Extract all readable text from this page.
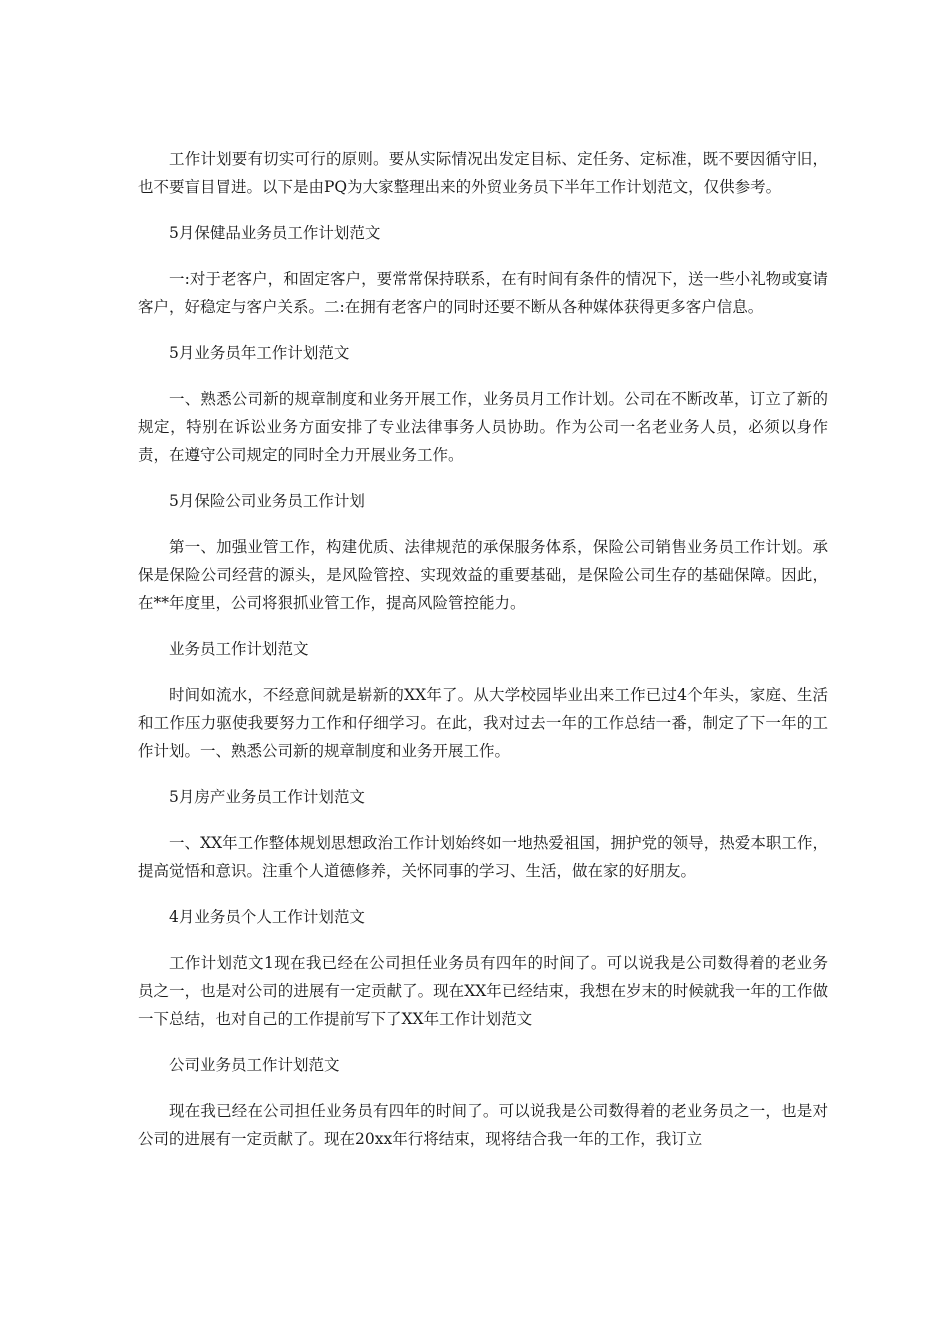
工作计划要有切实可行的原则。要从实际情况出发定目标、定任务、定标准，既不要因循守旧，也不要盲目冒进。以下是由PQ为大家整理出来的外贸业务员下半年工作计划范文，仅供参考。

5月保健品业务员工作计划范文

一:对于老客户，和固定客户，要常常保持联系，在有时间有条件的情况下，送一些小礼物或宴请客户，好稳定与客户关系。二:在拥有老客户的同时还要不断从各种媒体获得更多客户信息。

5月业务员年工作计划范文

一、熟悉公司新的规章制度和业务开展工作，业务员月工作计划。公司在不断改革，订立了新的规定，特别在诉讼业务方面安排了专业法律事务人员协助。作为公司一名老业务人员，必须以身作责，在遵守公司规定的同时全力开展业务工作。

5月保险公司业务员工作计划

第一、加强业管工作，构建优质、法律规范的承保服务体系，保险公司销售业务员工作计划。承保是保险公司经营的源头，是风险管控、实现效益的重要基础，是保险公司生存的基础保障。因此，在**年度里，公司将狠抓业管工作，提高风险管控能力。

业务员工作计划范文

时间如流水，不经意间就是崭新的XX年了。从大学校园毕业出来工作已过4个年头，家庭、生活和工作压力驱使我要努力工作和仔细学习。在此，我对过去一年的工作总结一番，制定了下一年的工作计划。一、熟悉公司新的规章制度和业务开展工作。

5月房产业务员工作计划范文

一、XX年工作整体规划思想政治工作计划始终如一地热爱祖国，拥护党的领导，热爱本职工作，提高觉悟和意识。注重个人道德修养，关怀同事的学习、生活，做在家的好朋友。

4月业务员个人工作计划范文

工作计划范文1现在我已经在公司担任业务员有四年的时间了。可以说我是公司数得着的老业务员之一，也是对公司的进展有一定贡献了。现在XX年已经结束，我想在岁末的时候就我一年的工作做一下总结，也对自己的工作提前写下了XX年工作计划范文

公司业务员工作计划范文

现在我已经在公司担任业务员有四年的时间了。可以说我是公司数得着的老业务员之一，也是对公司的进展有一定贡献了。现在20xx年行将结束，现将结合我一年的工作，我订立
